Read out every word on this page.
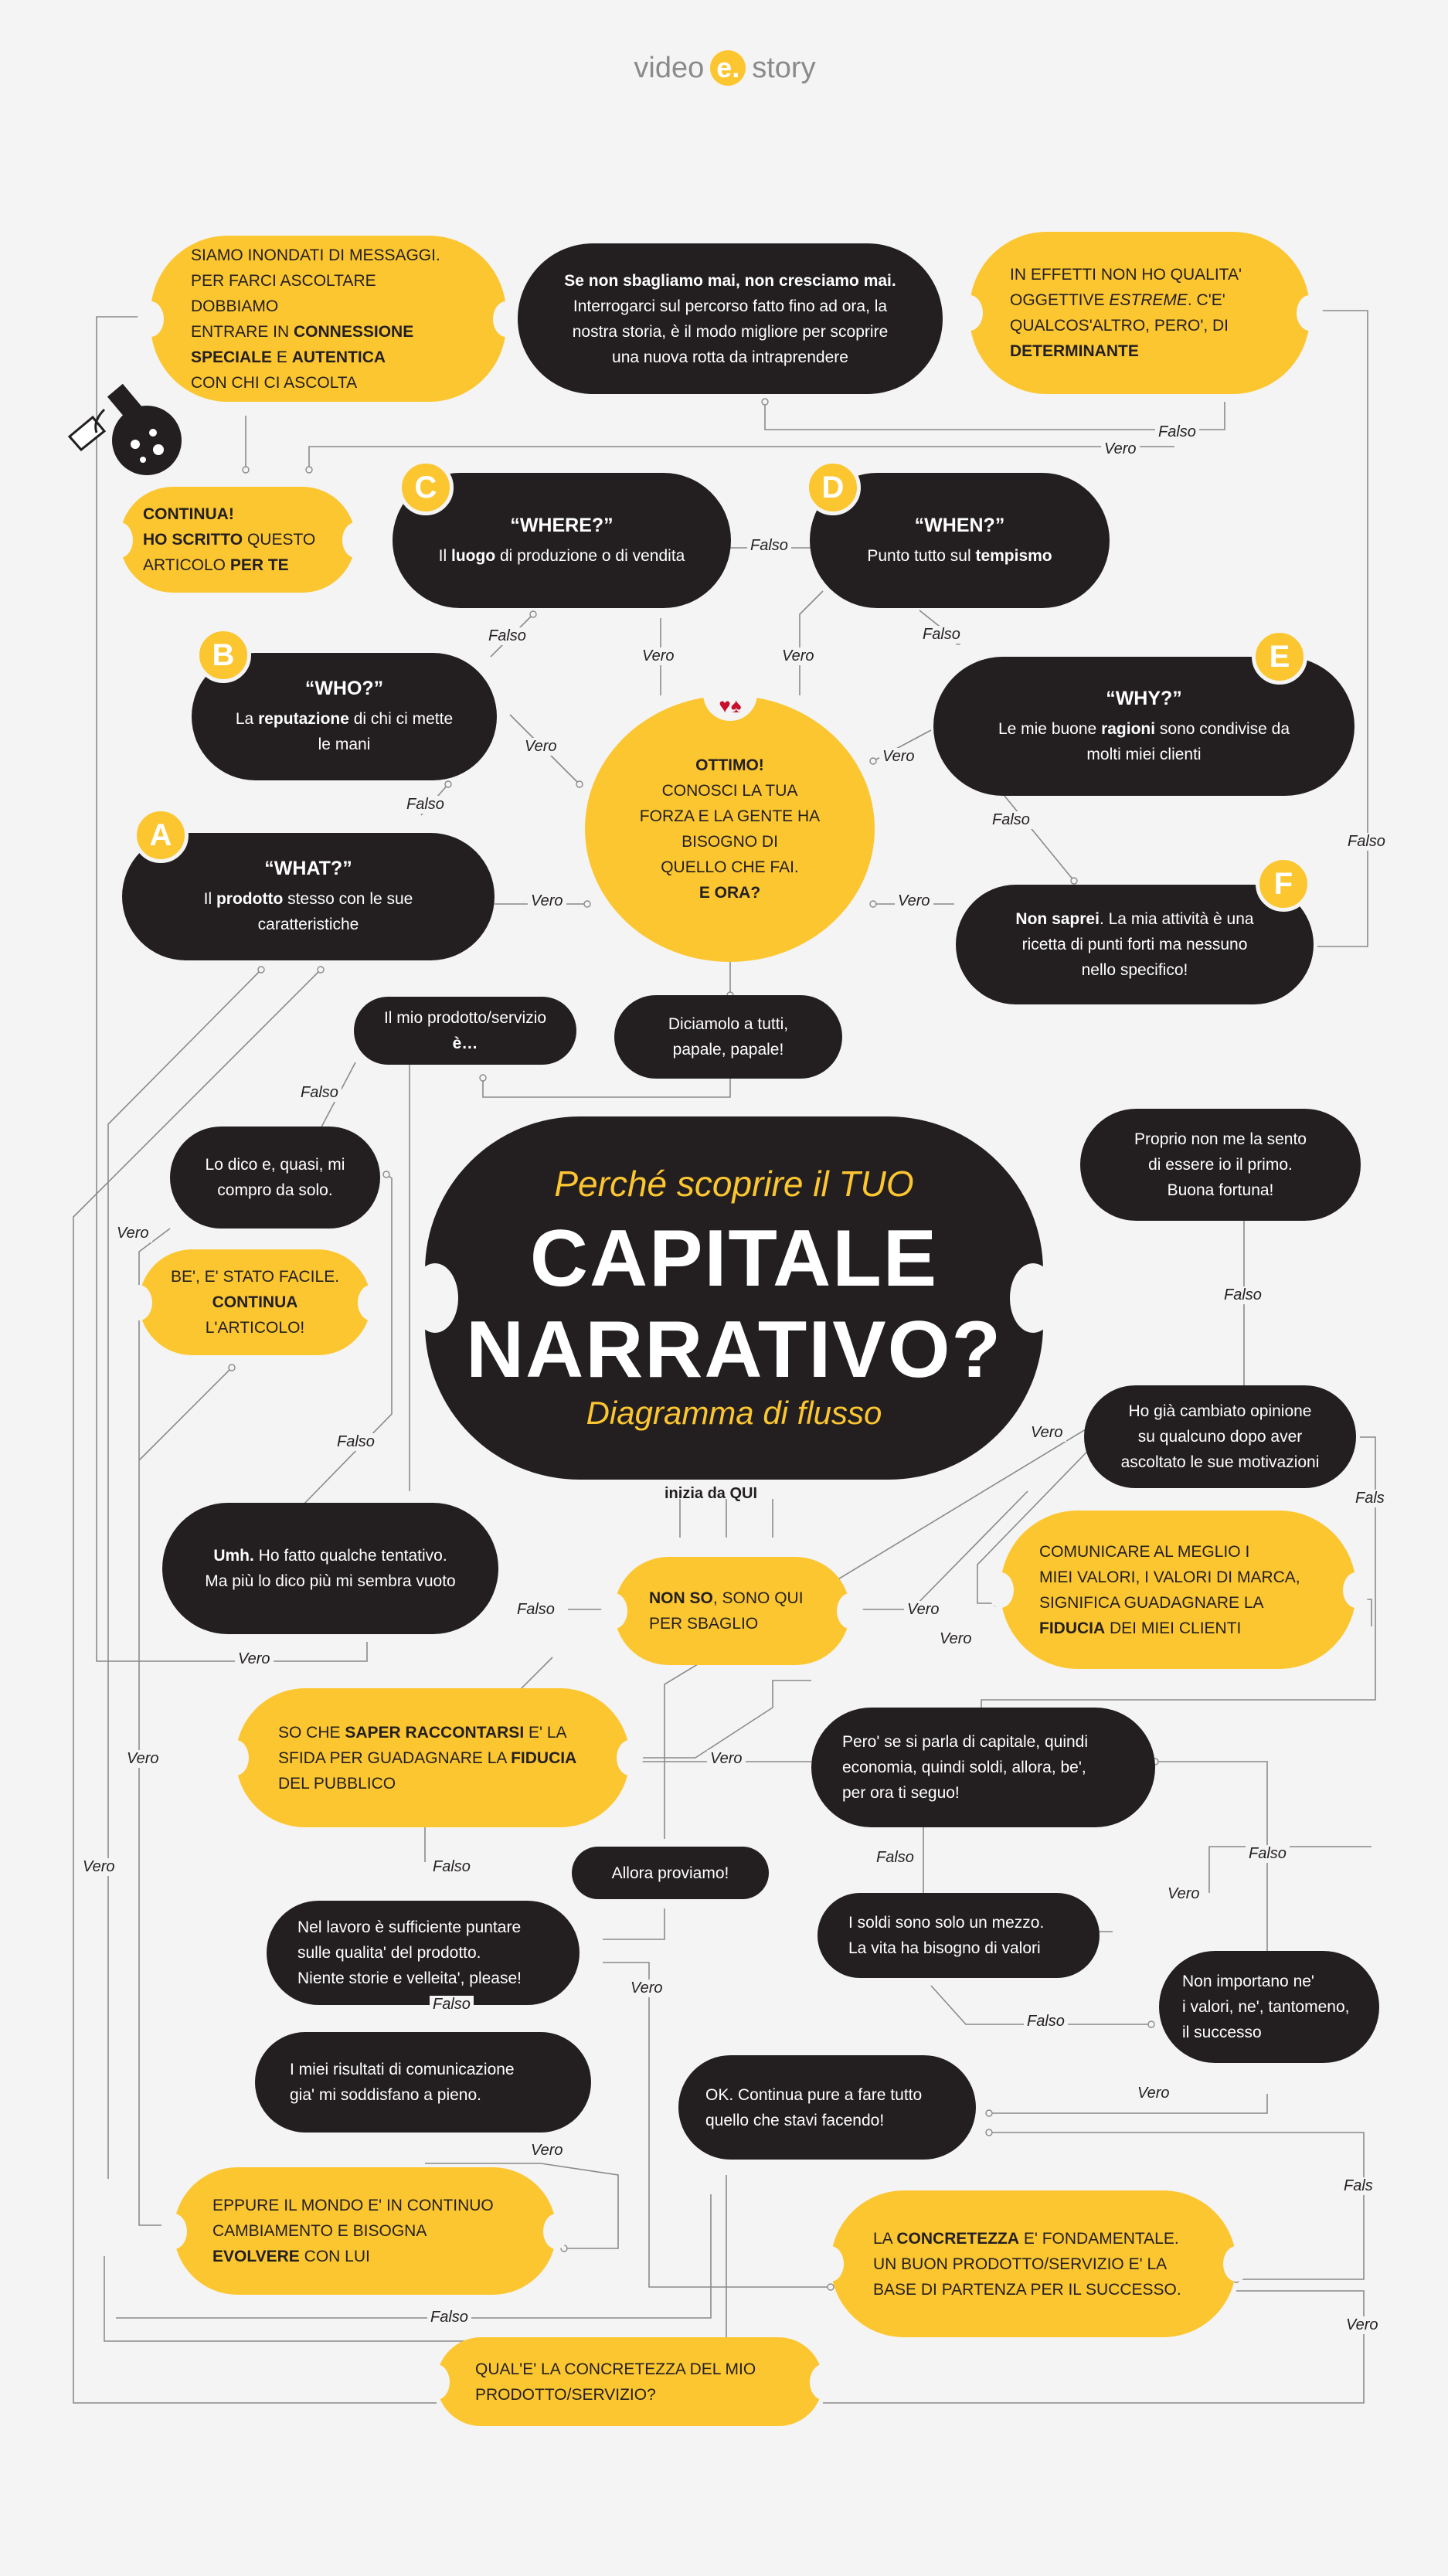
video e. story
SIAMO INONDATI DI MESSAGGI.
PER FARCI ASCOLTARE DOBBIAMO
ENTRARE IN CONNESSIONE
SPECIALE E AUTENTICA
CON CHI CI ASCOLTA
Se non sbagliamo mai, non cresciamo mai.
Interrogarci sul percorso fatto fino ad ora, la
nostra storia, è il modo migliore per scoprire
una nuova rotta da intraprendere
IN EFFETTI NON HO QUALITA'
OGGETTIVE ESTREME. C'E'
QUALCOS'ALTRO, PERO', DI
DETERMINANTE
Falso
Vero
CONTINUA!
HO SCRITTO QUESTO
ARTICOLO PER TE
“WHERE?”
Il luogo di produzione o di vendita
C
Falso
“WHEN?”
Punto tutto sul tempismo
D
Falso
Vero	Vero
Falso
“WHO?”
La reputazione di chi ci mette
le mani
B
“WHY?”
Le mie buone ragioni sono condivise da
molti miei clienti
E
Vero
Vero
Falso
Falso
Falso
OTTIMO!
CONOSCI LA TUA
FORZA E LA GENTE HA
BISOGNO DI
QUELLO CHE FAI.
E ORA?
♥♠
“WHAT?”
Il prodotto stesso con le sue caratteristiche
A
Vero	Vero
Non saprei. La mia attività è una
ricetta di punti forti ma nessuno
nello specifico!
F
Il mio prodotto/servizio
è…
Diciamolo a tutti,
papale, papale!
Falso
Lo dico e, quasi, mi
compro da solo.
Vero
BE', E' STATO FACILE.
CONTINUA
L'ARTICOLO!
Perché scoprire il TUO
CAPITALE
NARRATIVO?
Diagramma di flusso
Proprio non me la sento
di essere io il primo.
Buona fortuna!
Falso
Ho già cambiato opinione
su qualcuno dopo aver
ascoltato le sue motivazioni
Vero
Fals
Falso
Umh. Ho fatto qualche tentativo.
Ma più lo dico più mi sembra vuoto
Vero
inizia da QUI
NON SO, SONO QUI
PER SBAGLIO
Falso	Vero
Vero
COMUNICARE AL MEGLIO I
MIEI VALORI, I VALORI DI MARCA,
SIGNIFICA GUADAGNARE LA
FIDUCIA DEI MIEI CLIENTI
SO CHE SAPER RACCONTARSI E' LA
SFIDA PER GUADAGNARE LA FIDUCIA
DEL PUBBLICO
Vero	Vero
Vero
Pero' se si parla di capitale, quindi
economia, quindi soldi, allora, be',
per ora ti seguo!
Falso
Falso
Falso	Allora proviamo!
Nel lavoro è sufficiente puntare
sulle qualita' del prodotto.
Niente storie e velleita', please!
Vero
I soldi sono solo un mezzo.
La vita ha bisogno di valori
Vero
Falso
Falso
Non importano ne'
i valori, ne', tantomeno,
il successo
I miei risultati di comunicazione
gia' mi soddisfano a pieno.	OK. Continua pure a fare tutto
quello che stavi facendo!
Vero
Vero
Fals
EPPURE IL MONDO E' IN CONTINUO
CAMBIAMENTO E BISOGNA
EVOLVERE CON LUI
LA CONCRETEZZA E' FONDAMENTALE.
UN BUON PRODOTTO/SERVIZIO E' LA
BASE DI PARTENZA PER IL SUCCESSO.
Vero
Falso
QUAL'E' LA CONCRETEZZA DEL MIO
PRODOTTO/SERVIZIO?
